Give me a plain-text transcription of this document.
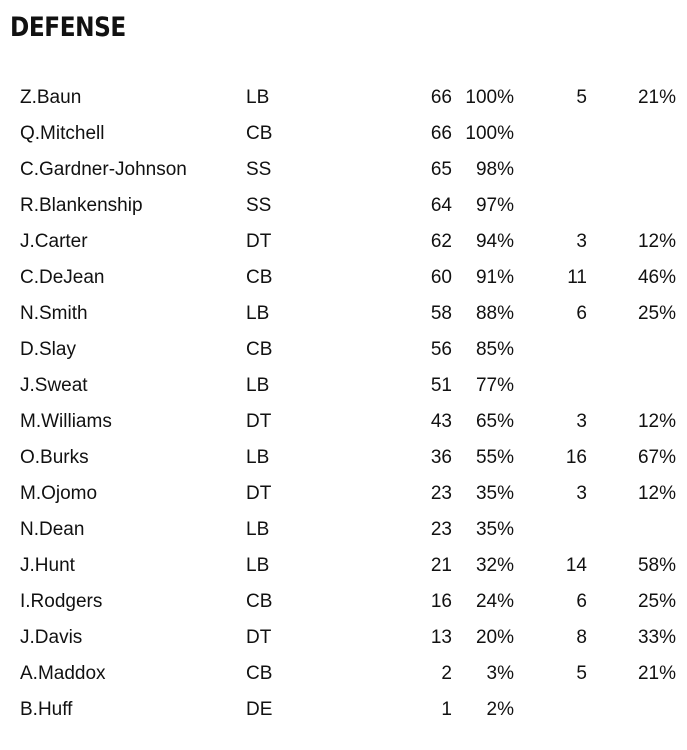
DEFENSE
Z.Baun	LB	66	100%	5	21%	
Q.Mitchell	CB	66	100%			
C.Gardner-Johnson	SS	65	98%			
R.Blankenship	SS	64	97%			
J.Carter	DT	62	94%	3	12%	
C.DeJean	CB	60	91%	11	46%	
N.Smith	LB	58	88%	6	25%	
D.Slay	CB	56	85%			
J.Sweat	LB	51	77%			
M.Williams	DT	43	65%	3	12%	
O.Burks	LB	36	55%	16	67%	
M.Ojomo	DT	23	35%	3	12%	
N.Dean	LB	23	35%			
J.Hunt	LB	21	32%	14	58%	
I.Rodgers	CB	16	24%	6	25%	
J.Davis	DT	13	20%	8	33%	
A.Maddox	CB	2	3%	5	21%	
B.Huff	DE	1	2%			
